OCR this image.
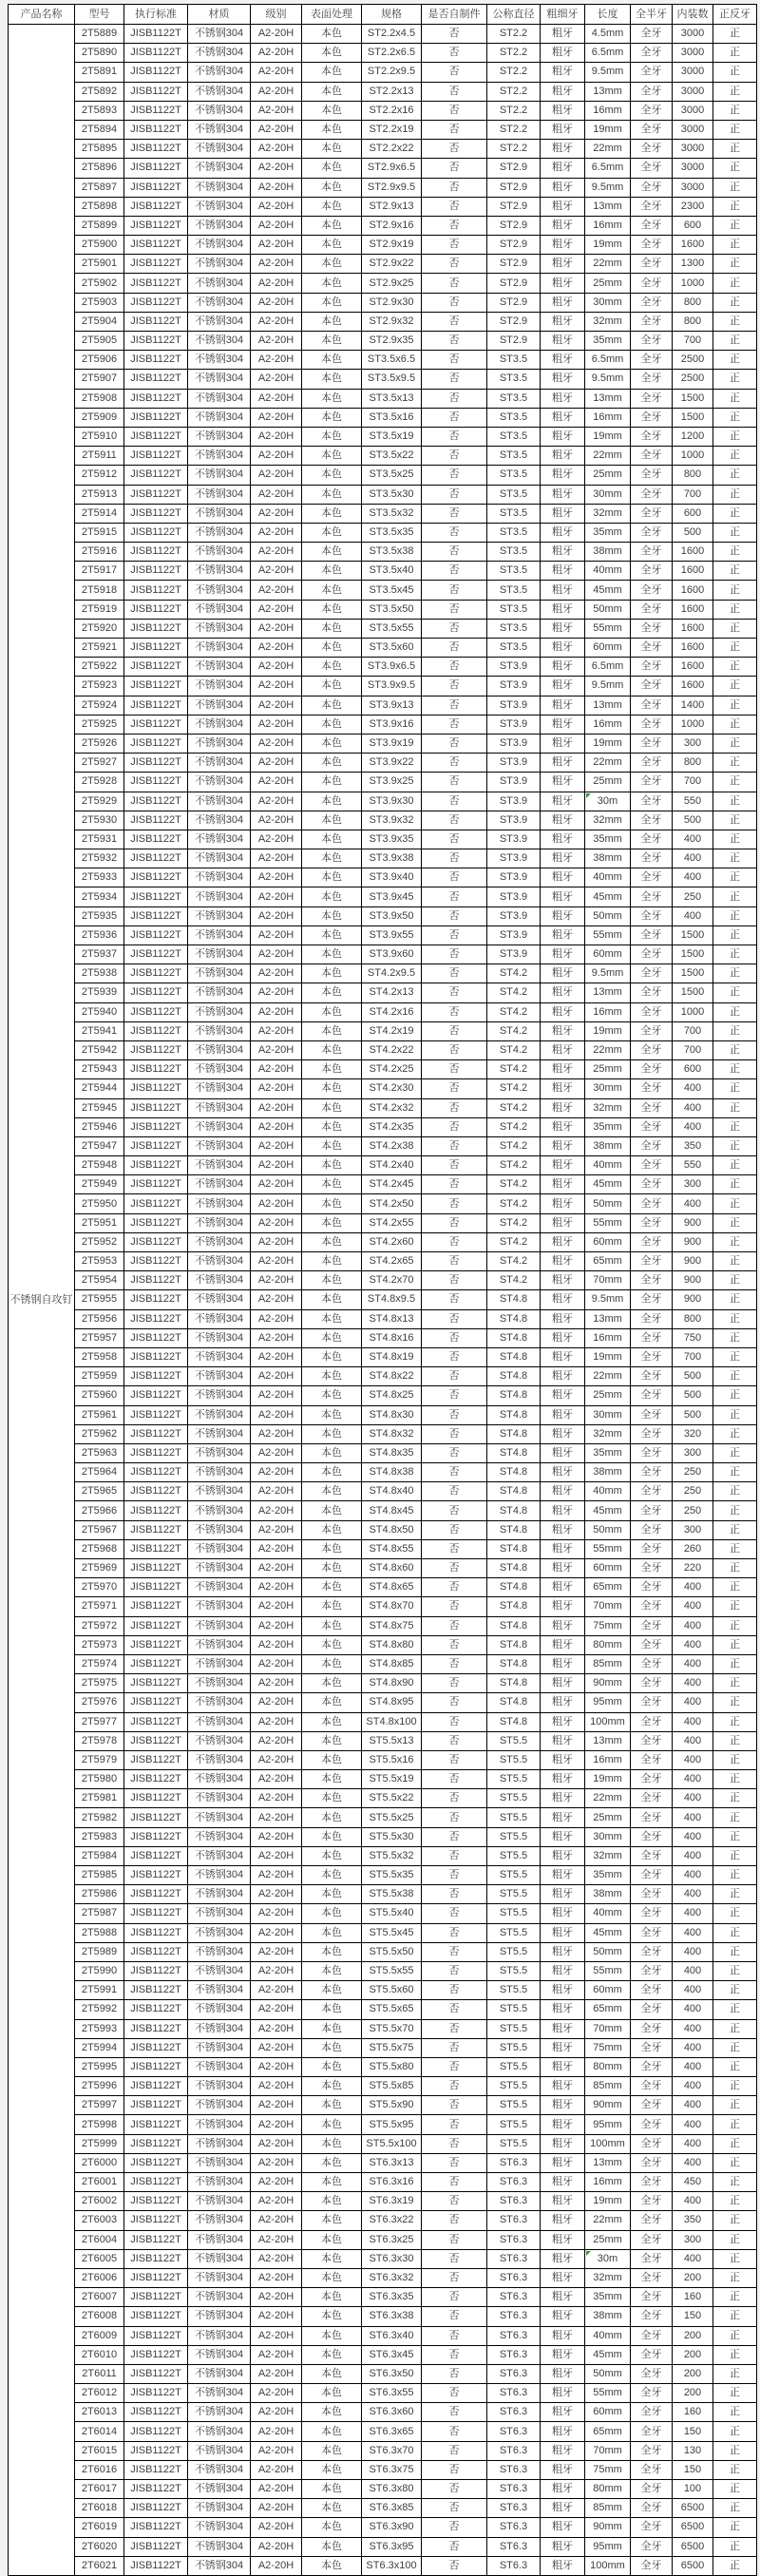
产品名称	型号	执行标准	材质	级别	表面处理	规格	是否自制件	公称直径	粗细牙	长度	全半牙	内装数	正反牙
不锈钢自攻钉	2T5889	JISB1122T	不锈钢304	A2-20H	本色	ST2.2x4.5	否	ST2.2	粗牙	4.5mm	全牙	3000	正
	2T5890	JISB1122T	不锈钢304	A2-20H	本色	ST2.2x6.5	否	ST2.2	粗牙	6.5mm	全牙	3000	正
	2T5891	JISB1122T	不锈钢304	A2-20H	本色	ST2.2x9.5	否	ST2.2	粗牙	9.5mm	全牙	3000	正
	2T5892	JISB1122T	不锈钢304	A2-20H	本色	ST2.2x13	否	ST2.2	粗牙	13mm	全牙	3000	正
	2T5893	JISB1122T	不锈钢304	A2-20H	本色	ST2.2x16	否	ST2.2	粗牙	16mm	全牙	3000	正
	2T5894	JISB1122T	不锈钢304	A2-20H	本色	ST2.2x19	否	ST2.2	粗牙	19mm	全牙	3000	正
	2T5895	JISB1122T	不锈钢304	A2-20H	本色	ST2.2x22	否	ST2.2	粗牙	22mm	全牙	3000	正
	2T5896	JISB1122T	不锈钢304	A2-20H	本色	ST2.9x6.5	否	ST2.9	粗牙	6.5mm	全牙	3000	正
	2T5897	JISB1122T	不锈钢304	A2-20H	本色	ST2.9x9.5	否	ST2.9	粗牙	9.5mm	全牙	3000	正
	2T5898	JISB1122T	不锈钢304	A2-20H	本色	ST2.9x13	否	ST2.9	粗牙	13mm	全牙	2300	正
	2T5899	JISB1122T	不锈钢304	A2-20H	本色	ST2.9x16	否	ST2.9	粗牙	16mm	全牙	600	正
	2T5900	JISB1122T	不锈钢304	A2-20H	本色	ST2.9x19	否	ST2.9	粗牙	19mm	全牙	1600	正
	2T5901	JISB1122T	不锈钢304	A2-20H	本色	ST2.9x22	否	ST2.9	粗牙	22mm	全牙	1300	正
	2T5902	JISB1122T	不锈钢304	A2-20H	本色	ST2.9x25	否	ST2.9	粗牙	25mm	全牙	1000	正
	2T5903	JISB1122T	不锈钢304	A2-20H	本色	ST2.9x30	否	ST2.9	粗牙	30mm	全牙	800	正
	2T5904	JISB1122T	不锈钢304	A2-20H	本色	ST2.9x32	否	ST2.9	粗牙	32mm	全牙	800	正
	2T5905	JISB1122T	不锈钢304	A2-20H	本色	ST2.9x35	否	ST2.9	粗牙	35mm	全牙	700	正
	2T5906	JISB1122T	不锈钢304	A2-20H	本色	ST3.5x6.5	否	ST3.5	粗牙	6.5mm	全牙	2500	正
	2T5907	JISB1122T	不锈钢304	A2-20H	本色	ST3.5x9.5	否	ST3.5	粗牙	9.5mm	全牙	2500	正
	2T5908	JISB1122T	不锈钢304	A2-20H	本色	ST3.5x13	否	ST3.5	粗牙	13mm	全牙	1500	正
	2T5909	JISB1122T	不锈钢304	A2-20H	本色	ST3.5x16	否	ST3.5	粗牙	16mm	全牙	1500	正
	2T5910	JISB1122T	不锈钢304	A2-20H	本色	ST3.5x19	否	ST3.5	粗牙	19mm	全牙	1200	正
	2T5911	JISB1122T	不锈钢304	A2-20H	本色	ST3.5x22	否	ST3.5	粗牙	22mm	全牙	1000	正
	2T5912	JISB1122T	不锈钢304	A2-20H	本色	ST3.5x25	否	ST3.5	粗牙	25mm	全牙	800	正
	2T5913	JISB1122T	不锈钢304	A2-20H	本色	ST3.5x30	否	ST3.5	粗牙	30mm	全牙	700	正
	2T5914	JISB1122T	不锈钢304	A2-20H	本色	ST3.5x32	否	ST3.5	粗牙	32mm	全牙	600	正
	2T5915	JISB1122T	不锈钢304	A2-20H	本色	ST3.5x35	否	ST3.5	粗牙	35mm	全牙	500	正
	2T5916	JISB1122T	不锈钢304	A2-20H	本色	ST3.5x38	否	ST3.5	粗牙	38mm	全牙	1600	正
	2T5917	JISB1122T	不锈钢304	A2-20H	本色	ST3.5x40	否	ST3.5	粗牙	40mm	全牙	1600	正
	2T5918	JISB1122T	不锈钢304	A2-20H	本色	ST3.5x45	否	ST3.5	粗牙	45mm	全牙	1600	正
	2T5919	JISB1122T	不锈钢304	A2-20H	本色	ST3.5x50	否	ST3.5	粗牙	50mm	全牙	1600	正
	2T5920	JISB1122T	不锈钢304	A2-20H	本色	ST3.5x55	否	ST3.5	粗牙	55mm	全牙	1600	正
	2T5921	JISB1122T	不锈钢304	A2-20H	本色	ST3.5x60	否	ST3.5	粗牙	60mm	全牙	1600	正
	2T5922	JISB1122T	不锈钢304	A2-20H	本色	ST3.9x6.5	否	ST3.9	粗牙	6.5mm	全牙	1600	正
	2T5923	JISB1122T	不锈钢304	A2-20H	本色	ST3.9x9.5	否	ST3.9	粗牙	9.5mm	全牙	1600	正
	2T5924	JISB1122T	不锈钢304	A2-20H	本色	ST3.9x13	否	ST3.9	粗牙	13mm	全牙	1400	正
	2T5925	JISB1122T	不锈钢304	A2-20H	本色	ST3.9x16	否	ST3.9	粗牙	16mm	全牙	1000	正
	2T5926	JISB1122T	不锈钢304	A2-20H	本色	ST3.9x19	否	ST3.9	粗牙	19mm	全牙	300	正
	2T5927	JISB1122T	不锈钢304	A2-20H	本色	ST3.9x22	否	ST3.9	粗牙	22mm	全牙	800	正
	2T5928	JISB1122T	不锈钢304	A2-20H	本色	ST3.9x25	否	ST3.9	粗牙	25mm	全牙	700	正
	2T5929	JISB1122T	不锈钢304	A2-20H	本色	ST3.9x30	否	ST3.9	粗牙	30m	全牙	550	正
	2T5930	JISB1122T	不锈钢304	A2-20H	本色	ST3.9x32	否	ST3.9	粗牙	32mm	全牙	500	正
	2T5931	JISB1122T	不锈钢304	A2-20H	本色	ST3.9x35	否	ST3.9	粗牙	35mm	全牙	400	正
	2T5932	JISB1122T	不锈钢304	A2-20H	本色	ST3.9x38	否	ST3.9	粗牙	38mm	全牙	400	正
	2T5933	JISB1122T	不锈钢304	A2-20H	本色	ST3.9x40	否	ST3.9	粗牙	40mm	全牙	400	正
	2T5934	JISB1122T	不锈钢304	A2-20H	本色	ST3.9x45	否	ST3.9	粗牙	45mm	全牙	250	正
	2T5935	JISB1122T	不锈钢304	A2-20H	本色	ST3.9x50	否	ST3.9	粗牙	50mm	全牙	400	正
	2T5936	JISB1122T	不锈钢304	A2-20H	本色	ST3.9x55	否	ST3.9	粗牙	55mm	全牙	1500	正
	2T5937	JISB1122T	不锈钢304	A2-20H	本色	ST3.9x60	否	ST3.9	粗牙	60mm	全牙	1500	正
	2T5938	JISB1122T	不锈钢304	A2-20H	本色	ST4.2x9.5	否	ST4.2	粗牙	9.5mm	全牙	1500	正
	2T5939	JISB1122T	不锈钢304	A2-20H	本色	ST4.2x13	否	ST4.2	粗牙	13mm	全牙	1500	正
	2T5940	JISB1122T	不锈钢304	A2-20H	本色	ST4.2x16	否	ST4.2	粗牙	16mm	全牙	1000	正
	2T5941	JISB1122T	不锈钢304	A2-20H	本色	ST4.2x19	否	ST4.2	粗牙	19mm	全牙	700	正
	2T5942	JISB1122T	不锈钢304	A2-20H	本色	ST4.2x22	否	ST4.2	粗牙	22mm	全牙	700	正
	2T5943	JISB1122T	不锈钢304	A2-20H	本色	ST4.2x25	否	ST4.2	粗牙	25mm	全牙	600	正
	2T5944	JISB1122T	不锈钢304	A2-20H	本色	ST4.2x30	否	ST4.2	粗牙	30mm	全牙	400	正
	2T5945	JISB1122T	不锈钢304	A2-20H	本色	ST4.2x32	否	ST4.2	粗牙	32mm	全牙	400	正
	2T5946	JISB1122T	不锈钢304	A2-20H	本色	ST4.2x35	否	ST4.2	粗牙	35mm	全牙	400	正
	2T5947	JISB1122T	不锈钢304	A2-20H	本色	ST4.2x38	否	ST4.2	粗牙	38mm	全牙	350	正
	2T5948	JISB1122T	不锈钢304	A2-20H	本色	ST4.2x40	否	ST4.2	粗牙	40mm	全牙	550	正
	2T5949	JISB1122T	不锈钢304	A2-20H	本色	ST4.2x45	否	ST4.2	粗牙	45mm	全牙	300	正
	2T5950	JISB1122T	不锈钢304	A2-20H	本色	ST4.2x50	否	ST4.2	粗牙	50mm	全牙	400	正
	2T5951	JISB1122T	不锈钢304	A2-20H	本色	ST4.2x55	否	ST4.2	粗牙	55mm	全牙	900	正
	2T5952	JISB1122T	不锈钢304	A2-20H	本色	ST4.2x60	否	ST4.2	粗牙	60mm	全牙	900	正
	2T5953	JISB1122T	不锈钢304	A2-20H	本色	ST4.2x65	否	ST4.2	粗牙	65mm	全牙	900	正
	2T5954	JISB1122T	不锈钢304	A2-20H	本色	ST4.2x70	否	ST4.2	粗牙	70mm	全牙	900	正
	2T5955	JISB1122T	不锈钢304	A2-20H	本色	ST4.8x9.5	否	ST4.8	粗牙	9.5mm	全牙	900	正
	2T5956	JISB1122T	不锈钢304	A2-20H	本色	ST4.8x13	否	ST4.8	粗牙	13mm	全牙	800	正
	2T5957	JISB1122T	不锈钢304	A2-20H	本色	ST4.8x16	否	ST4.8	粗牙	16mm	全牙	750	正
	2T5958	JISB1122T	不锈钢304	A2-20H	本色	ST4.8x19	否	ST4.8	粗牙	19mm	全牙	700	正
	2T5959	JISB1122T	不锈钢304	A2-20H	本色	ST4.8x22	否	ST4.8	粗牙	22mm	全牙	500	正
	2T5960	JISB1122T	不锈钢304	A2-20H	本色	ST4.8x25	否	ST4.8	粗牙	25mm	全牙	500	正
	2T5961	JISB1122T	不锈钢304	A2-20H	本色	ST4.8x30	否	ST4.8	粗牙	30mm	全牙	500	正
	2T5962	JISB1122T	不锈钢304	A2-20H	本色	ST4.8x32	否	ST4.8	粗牙	32mm	全牙	320	正
	2T5963	JISB1122T	不锈钢304	A2-20H	本色	ST4.8x35	否	ST4.8	粗牙	35mm	全牙	300	正
	2T5964	JISB1122T	不锈钢304	A2-20H	本色	ST4.8x38	否	ST4.8	粗牙	38mm	全牙	250	正
	2T5965	JISB1122T	不锈钢304	A2-20H	本色	ST4.8x40	否	ST4.8	粗牙	40mm	全牙	250	正
	2T5966	JISB1122T	不锈钢304	A2-20H	本色	ST4.8x45	否	ST4.8	粗牙	45mm	全牙	250	正
	2T5967	JISB1122T	不锈钢304	A2-20H	本色	ST4.8x50	否	ST4.8	粗牙	50mm	全牙	300	正
	2T5968	JISB1122T	不锈钢304	A2-20H	本色	ST4.8x55	否	ST4.8	粗牙	55mm	全牙	260	正
	2T5969	JISB1122T	不锈钢304	A2-20H	本色	ST4.8x60	否	ST4.8	粗牙	60mm	全牙	220	正
	2T5970	JISB1122T	不锈钢304	A2-20H	本色	ST4.8x65	否	ST4.8	粗牙	65mm	全牙	400	正
	2T5971	JISB1122T	不锈钢304	A2-20H	本色	ST4.8x70	否	ST4.8	粗牙	70mm	全牙	400	正
	2T5972	JISB1122T	不锈钢304	A2-20H	本色	ST4.8x75	否	ST4.8	粗牙	75mm	全牙	400	正
	2T5973	JISB1122T	不锈钢304	A2-20H	本色	ST4.8x80	否	ST4.8	粗牙	80mm	全牙	400	正
	2T5974	JISB1122T	不锈钢304	A2-20H	本色	ST4.8x85	否	ST4.8	粗牙	85mm	全牙	400	正
	2T5975	JISB1122T	不锈钢304	A2-20H	本色	ST4.8x90	否	ST4.8	粗牙	90mm	全牙	400	正
	2T5976	JISB1122T	不锈钢304	A2-20H	本色	ST4.8x95	否	ST4.8	粗牙	95mm	全牙	400	正
	2T5977	JISB1122T	不锈钢304	A2-20H	本色	ST4.8x100	否	ST4.8	粗牙	100mm	全牙	400	正
	2T5978	JISB1122T	不锈钢304	A2-20H	本色	ST5.5x13	否	ST5.5	粗牙	13mm	全牙	400	正
	2T5979	JISB1122T	不锈钢304	A2-20H	本色	ST5.5x16	否	ST5.5	粗牙	16mm	全牙	400	正
	2T5980	JISB1122T	不锈钢304	A2-20H	本色	ST5.5x19	否	ST5.5	粗牙	19mm	全牙	400	正
	2T5981	JISB1122T	不锈钢304	A2-20H	本色	ST5.5x22	否	ST5.5	粗牙	22mm	全牙	400	正
	2T5982	JISB1122T	不锈钢304	A2-20H	本色	ST5.5x25	否	ST5.5	粗牙	25mm	全牙	400	正
	2T5983	JISB1122T	不锈钢304	A2-20H	本色	ST5.5x30	否	ST5.5	粗牙	30mm	全牙	400	正
	2T5984	JISB1122T	不锈钢304	A2-20H	本色	ST5.5x32	否	ST5.5	粗牙	32mm	全牙	400	正
	2T5985	JISB1122T	不锈钢304	A2-20H	本色	ST5.5x35	否	ST5.5	粗牙	35mm	全牙	400	正
	2T5986	JISB1122T	不锈钢304	A2-20H	本色	ST5.5x38	否	ST5.5	粗牙	38mm	全牙	400	正
	2T5987	JISB1122T	不锈钢304	A2-20H	本色	ST5.5x40	否	ST5.5	粗牙	40mm	全牙	400	正
	2T5988	JISB1122T	不锈钢304	A2-20H	本色	ST5.5x45	否	ST5.5	粗牙	45mm	全牙	400	正
	2T5989	JISB1122T	不锈钢304	A2-20H	本色	ST5.5x50	否	ST5.5	粗牙	50mm	全牙	400	正
	2T5990	JISB1122T	不锈钢304	A2-20H	本色	ST5.5x55	否	ST5.5	粗牙	55mm	全牙	400	正
	2T5991	JISB1122T	不锈钢304	A2-20H	本色	ST5.5x60	否	ST5.5	粗牙	60mm	全牙	400	正
	2T5992	JISB1122T	不锈钢304	A2-20H	本色	ST5.5x65	否	ST5.5	粗牙	65mm	全牙	400	正
	2T5993	JISB1122T	不锈钢304	A2-20H	本色	ST5.5x70	否	ST5.5	粗牙	70mm	全牙	400	正
	2T5994	JISB1122T	不锈钢304	A2-20H	本色	ST5.5x75	否	ST5.5	粗牙	75mm	全牙	400	正
	2T5995	JISB1122T	不锈钢304	A2-20H	本色	ST5.5x80	否	ST5.5	粗牙	80mm	全牙	400	正
	2T5996	JISB1122T	不锈钢304	A2-20H	本色	ST5.5x85	否	ST5.5	粗牙	85mm	全牙	400	正
	2T5997	JISB1122T	不锈钢304	A2-20H	本色	ST5.5x90	否	ST5.5	粗牙	90mm	全牙	400	正
	2T5998	JISB1122T	不锈钢304	A2-20H	本色	ST5.5x95	否	ST5.5	粗牙	95mm	全牙	400	正
	2T5999	JISB1122T	不锈钢304	A2-20H	本色	ST5.5x100	否	ST5.5	粗牙	100mm	全牙	400	正
	2T6000	JISB1122T	不锈钢304	A2-20H	本色	ST6.3x13	否	ST6.3	粗牙	13mm	全牙	400	正
	2T6001	JISB1122T	不锈钢304	A2-20H	本色	ST6.3x16	否	ST6.3	粗牙	16mm	全牙	450	正
	2T6002	JISB1122T	不锈钢304	A2-20H	本色	ST6.3x19	否	ST6.3	粗牙	19mm	全牙	400	正
	2T6003	JISB1122T	不锈钢304	A2-20H	本色	ST6.3x22	否	ST6.3	粗牙	22mm	全牙	350	正
	2T6004	JISB1122T	不锈钢304	A2-20H	本色	ST6.3x25	否	ST6.3	粗牙	25mm	全牙	300	正
	2T6005	JISB1122T	不锈钢304	A2-20H	本色	ST6.3x30	否	ST6.3	粗牙	30m	全牙	400	正
	2T6006	JISB1122T	不锈钢304	A2-20H	本色	ST6.3x32	否	ST6.3	粗牙	32mm	全牙	200	正
	2T6007	JISB1122T	不锈钢304	A2-20H	本色	ST6.3x35	否	ST6.3	粗牙	35mm	全牙	160	正
	2T6008	JISB1122T	不锈钢304	A2-20H	本色	ST6.3x38	否	ST6.3	粗牙	38mm	全牙	150	正
	2T6009	JISB1122T	不锈钢304	A2-20H	本色	ST6.3x40	否	ST6.3	粗牙	40mm	全牙	200	正
	2T6010	JISB1122T	不锈钢304	A2-20H	本色	ST6.3x45	否	ST6.3	粗牙	45mm	全牙	200	正
	2T6011	JISB1122T	不锈钢304	A2-20H	本色	ST6.3x50	否	ST6.3	粗牙	50mm	全牙	200	正
	2T6012	JISB1122T	不锈钢304	A2-20H	本色	ST6.3x55	否	ST6.3	粗牙	55mm	全牙	200	正
	2T6013	JISB1122T	不锈钢304	A2-20H	本色	ST6.3x60	否	ST6.3	粗牙	60mm	全牙	160	正
	2T6014	JISB1122T	不锈钢304	A2-20H	本色	ST6.3x65	否	ST6.3	粗牙	65mm	全牙	150	正
	2T6015	JISB1122T	不锈钢304	A2-20H	本色	ST6.3x70	否	ST6.3	粗牙	70mm	全牙	130	正
	2T6016	JISB1122T	不锈钢304	A2-20H	本色	ST6.3x75	否	ST6.3	粗牙	75mm	全牙	150	正
	2T6017	JISB1122T	不锈钢304	A2-20H	本色	ST6.3x80	否	ST6.3	粗牙	80mm	全牙	100	正
	2T6018	JISB1122T	不锈钢304	A2-20H	本色	ST6.3x85	否	ST6.3	粗牙	85mm	全牙	6500	正
	2T6019	JISB1122T	不锈钢304	A2-20H	本色	ST6.3x90	否	ST6.3	粗牙	90mm	全牙	6500	正
	2T6020	JISB1122T	不锈钢304	A2-20H	本色	ST6.3x95	否	ST6.3	粗牙	95mm	全牙	6500	正
	2T6021	JISB1122T	不锈钢304	A2-20H	本色	ST6.3x100	否	ST6.3	粗牙	100mm	全牙	6500	正
